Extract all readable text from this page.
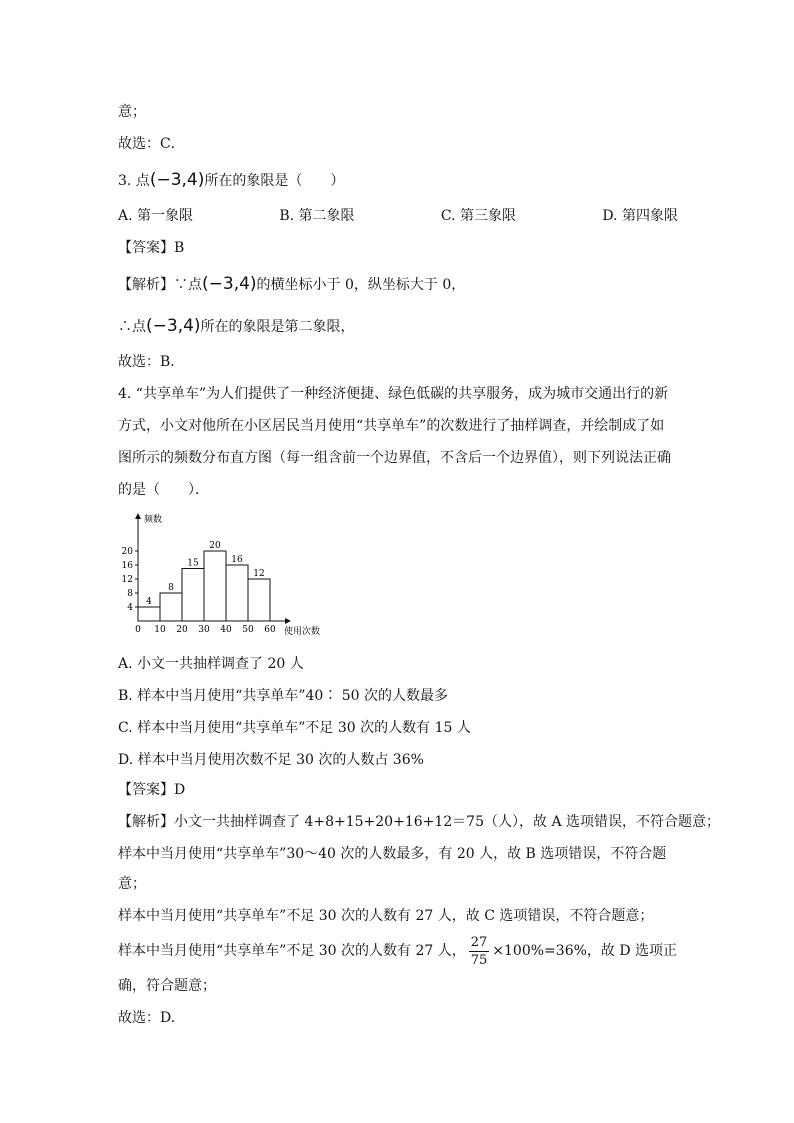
意；
故选：C．
3. 点(−3,4)所在的象限是（　　）
A. 第一象限	B. 第二象限	C. 第三象限	D. 第四象限
【答案】B
【解析】∵点(−3,4)的横坐标小于 0，纵坐标大于 0，
∴点(−3,4)所在的象限是第二象限，
故选：B．
4. “共享单车”为人们提供了一种经济便捷、绿色低碳的共享服务，成为城市交通出行的新
方式，小文对他所在小区居民当月使用“共享单车”的次数进行了抽样调查，并绘制成了如
图所示的频数分布直方图（每一组含前一个边界值，不含后一个边界值），则下列说法正确
的是（　　）．
频数
使用次数
4
8
15
20
16
12
0 10 20 30 40 50 60
4
8
12
16
20
A. 小文一共抽样调查了 20 人
B. 样本中当月使用“共享单车”40∶ 50 次的人数最多
C. 样本中当月使用“共享单车”不足 30 次的人数有 15 人
D. 样本中当月使用次数不足 30 次的人数占 36%
【答案】D
【解析】小文一共抽样调查了 4+8+15+20+16+12＝75（人），故 A 选项错误，不符合题意；
样本中当月使用“共享单车”30～40 次的人数最多，有 20 人，故 B 选项错误，不符合题
意；
样本中当月使用“共享单车”不足 30 次的人数有 27 人，故 C 选项错误，不符合题意；
样本中当月使用“共享单车”不足 30 次的人数有 27 人， $\frac{27}{75} \times 100\%=36\%$，故 D 选项正
确，符合题意；
故选：D.
